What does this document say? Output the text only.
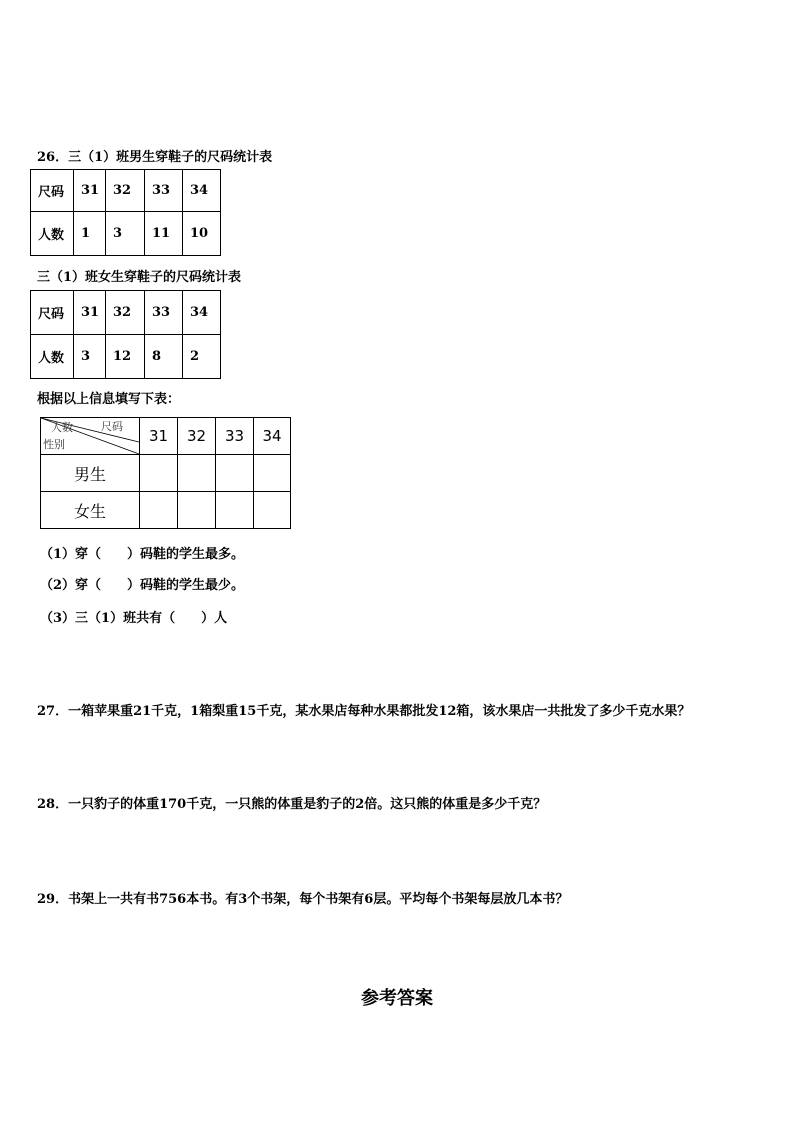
26．三（1）班男生穿鞋子的尺码统计表
尺码	31	32	33	34
人数	1	3	11	10
三（1）班女生穿鞋子的尺码统计表
尺码	31	32	33	34
人数	3	12	8	2
根据以上信息填写下表：
人数 尺码
性别	31	32	33	34
男生				
女生				
（1）穿（　　）码鞋的学生最多。
（2）穿（　　）码鞋的学生最少。
（3）三（1）班共有（　　）人
27．一箱苹果重21千克，1箱梨重15千克，某水果店每种水果都批发12箱，该水果店一共批发了多少千克水果？
28．一只豹子的体重170千克，一只熊的体重是豹子的2倍。这只熊的体重是多少千克？
29．书架上一共有书756本书。有3个书架，每个书架有6层。平均每个书架每层放几本书？
参考答案
